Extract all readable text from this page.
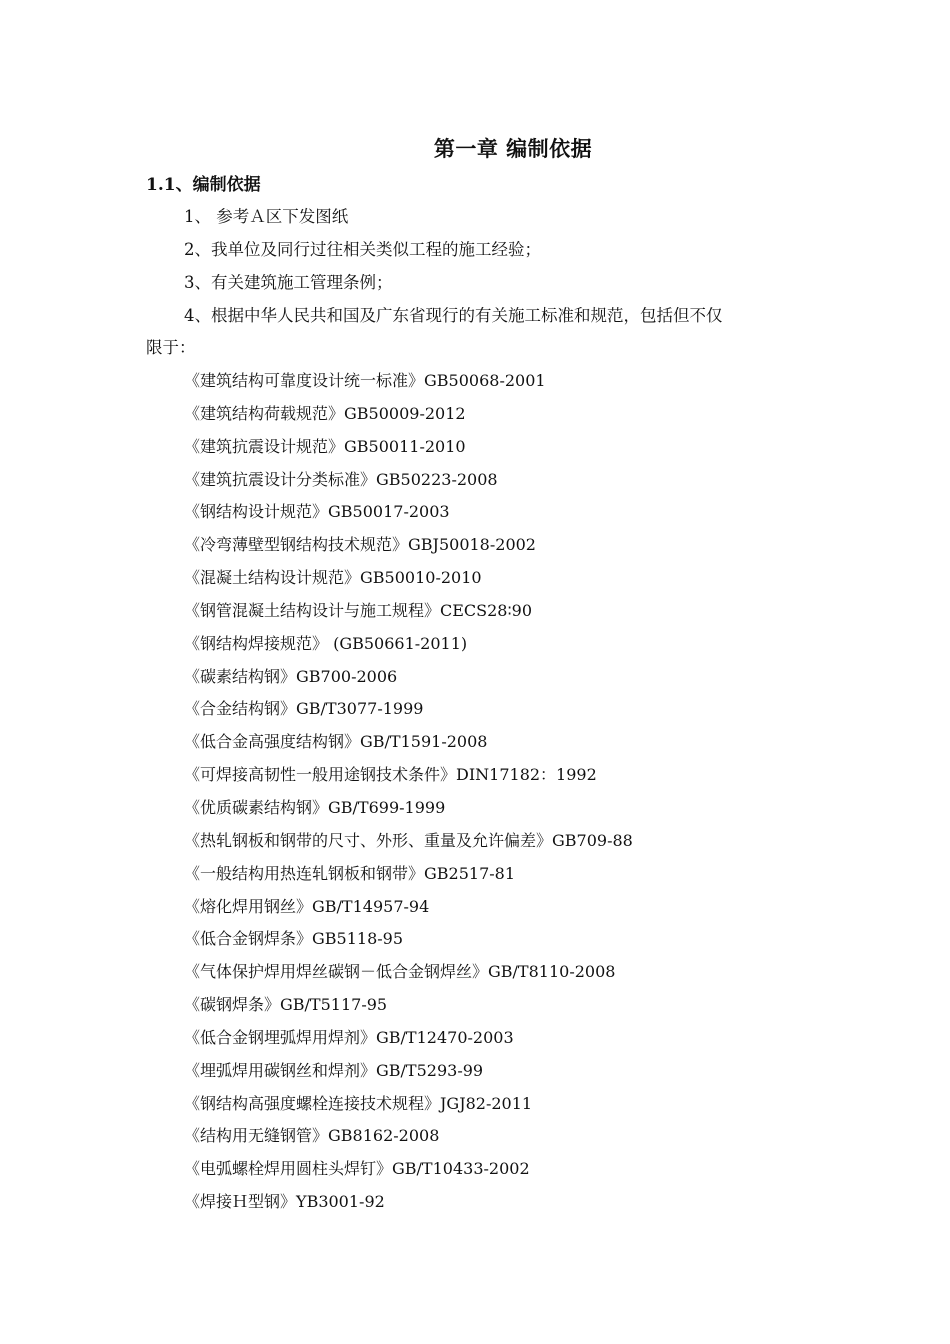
第一章 编制依据
1.1、编制依据
1、 参考Ａ区下发图纸
2、我单位及同行过往相关类似工程的施工经验；
3、有关建筑施工管理条例；
4、根据中华人民共和国及广东省现行的有关施工标准和规范，包括但不仅
限于：
《建筑结构可靠度设计统一标准》GB50068-2001
《建筑结构荷载规范》GB50009-2012
《建筑抗震设计规范》GB50011-2010
《建筑抗震设计分类标准》GB50223-2008
《钢结构设计规范》GB50017-2003
《冷弯薄壁型钢结构技术规范》GBJ50018-2002
《混凝土结构设计规范》GB50010-2010
《钢管混凝土结构设计与施工规程》CECS28∶90
《钢结构焊接规范》 (GB50661-2011)
《碳素结构钢》GB700-2006
《合金结构钢》GB/T3077-1999
《低合金高强度结构钢》GB/T1591-2008
《可焊接高韧性一般用途钢技术条件》DIN17182：1992
《优质碳素结构钢》GB/T699-1999
《热轧钢板和钢带的尺寸、外形、重量及允许偏差》GB709-88
《一般结构用热连轧钢板和钢带》GB2517-81
《熔化焊用钢丝》GB/T14957-94
《低合金钢焊条》GB5118-95
《气体保护焊用焊丝碳钢－低合金钢焊丝》GB/T8110-2008
《碳钢焊条》GB/T5117-95
《低合金钢埋弧焊用焊剂》GB/T12470-2003
《埋弧焊用碳钢丝和焊剂》GB/T5293-99
《钢结构高强度螺栓连接技术规程》JGJ82-2011
《结构用无缝钢管》GB8162-2008
《电弧螺栓焊用圆柱头焊钉》GB/T10433-2002
《焊接Ｈ型钢》YB3001-92
